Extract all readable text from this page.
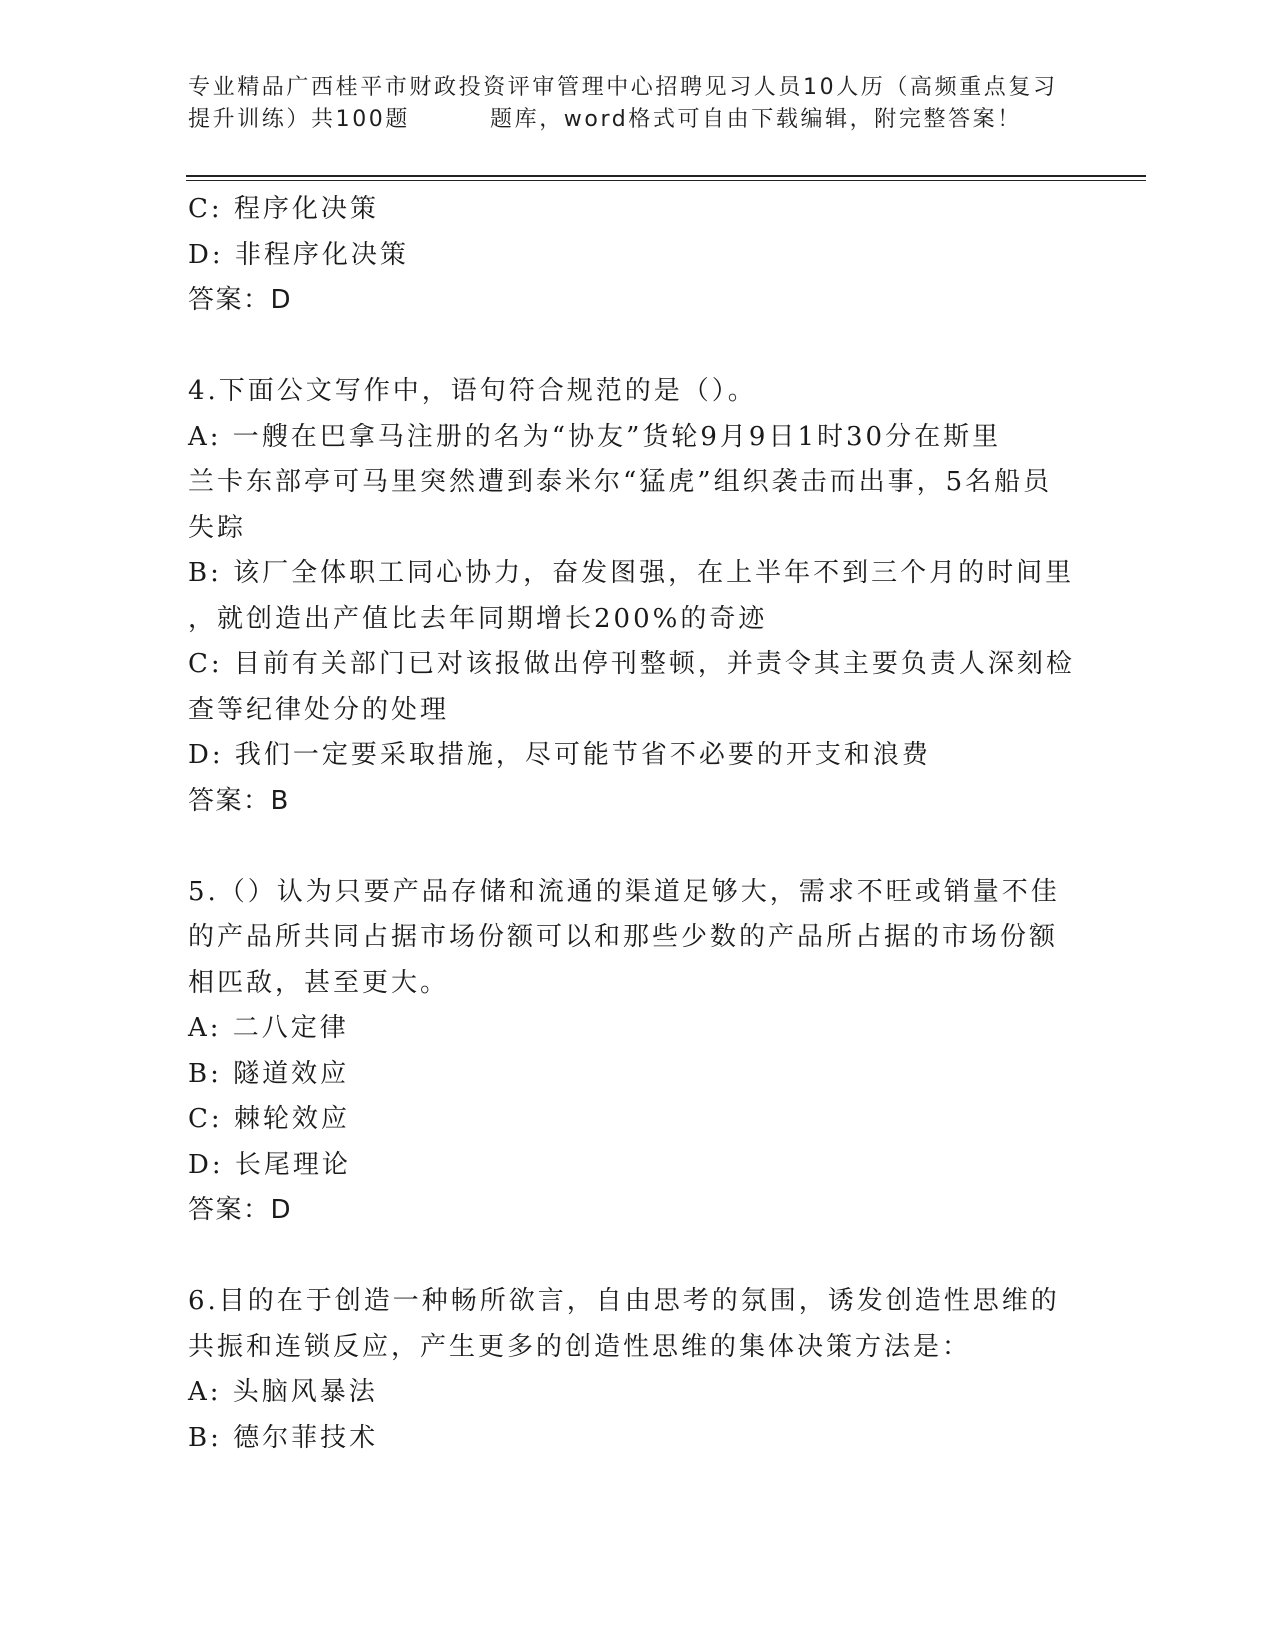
专业精品广西桂平市财政投资评审管理中心招聘见习人员10人历（高频重点复习
提升训练）共100题	题库，word格式可自由下载编辑，附完整答案！
C: 程序化决策
D: 非程序化决策
答案：D
4.下面公文写作中，语句符合规范的是（）。
A: 一艘在巴拿马注册的名为“协友”货轮9月9日1时30分在斯里
兰卡东部亭可马里突然遭到泰米尔“猛虎”组织袭击而出事，5名船员
失踪
B: 该厂全体职工同心协力，奋发图强，在上半年不到三个月的时间里
，就创造出产值比去年同期增长200%的奇迹
C: 目前有关部门已对该报做出停刊整顿，并责令其主要负责人深刻检
查等纪律处分的处理
D: 我们一定要采取措施，尽可能节省不必要的开支和浪费
答案：B
5.（）认为只要产品存储和流通的渠道足够大，需求不旺或销量不佳
的产品所共同占据市场份额可以和那些少数的产品所占据的市场份额
相匹敌，甚至更大。
A: 二八定律
B: 隧道效应
C: 棘轮效应
D: 长尾理论
答案：D
6.目的在于创造一种畅所欲言，自由思考的氛围，诱发创造性思维的
共振和连锁反应，产生更多的创造性思维的集体决策方法是：
A: 头脑风暴法
B: 德尔菲技术
